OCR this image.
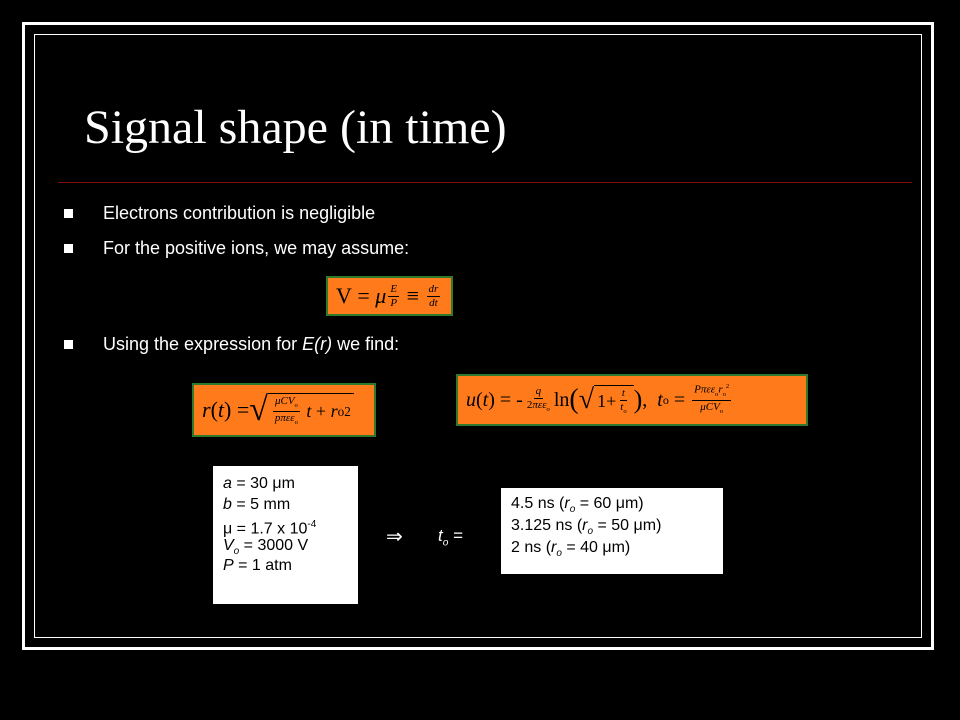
Signal shape (in time)
Electrons contribution is negligible
For the positive ions, we may assume:
Using the expression for E(r) we find:
V = μ $\frac{E}{P} \equiv \frac{dr}{dt}$
r ( t ) = √ $\frac{\mu CV_o}{p\pi\varepsilon\varepsilon_o}$ t + r o 2
u ( t ) = - $\frac{q}{2\pi\varepsilon\varepsilon_o}$ ln (√ $1+ \frac{t}{t_o}$ ) , t $o = \frac{P\pi\varepsilon\varepsilon_or_o^2}{\mu CV_o}$
a = 30 μm
b = 5 mm
μ = 1.7 x $10^{-4}$
$V_o = 3000$ V
P = 1 atm
⇒ $t_o$ =
4.5 ns ($r_o = 60$ μm)
3.125 ns ($r_o = 50$ μm)
2 ns ($r_o = 40$ μm)
